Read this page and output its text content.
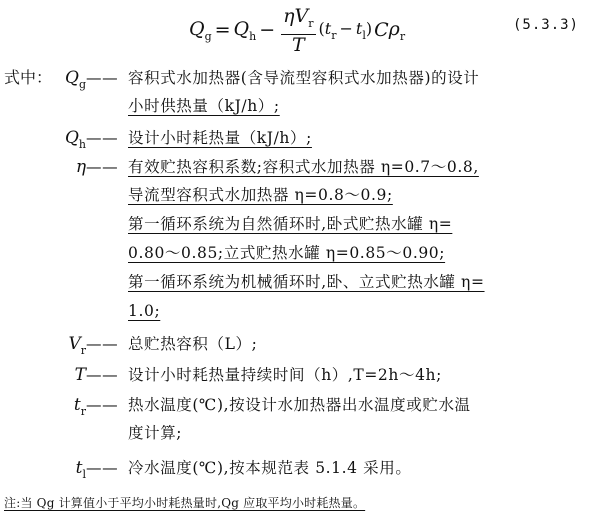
$Q_g = Q_h - \frac{\eta V_r}{T} (t_r - t_l)$ C $\rho_r$
(5.3.3)
式中： $Q_g$ —— 容积式水加热器(含导流型容积式水加热器)的设计
小时供热量（kJ/h）;
$Q_h$ —— 设计小时耗热量（kJ/h）;
η —— 有效贮热容积系数;容积式水加热器 η=0.7～0.8,
导流型容积式水加热器 η=0.8～0.9;
第一循环系统为自然循环时,卧式贮热水罐 η=
0.80～0.85;立式贮热水罐 η=0.85～0.90;
第一循环系统为机械循环时,卧、立式贮热水罐 η=
1.0;
$V_r$ —— 总贮热容积（L）;
T —— 设计小时耗热量持续时间（h）,T=2h～4h;
$t_r$ —— 热水温度(℃),按设计水加热器出水温度或贮水温
度计算;
$t_l$ —— 冷水温度(℃),按本规范表 5.1.4 采用。
注:当 Qg 计算值小于平均小时耗热量时,Qg 应取平均小时耗热量。
